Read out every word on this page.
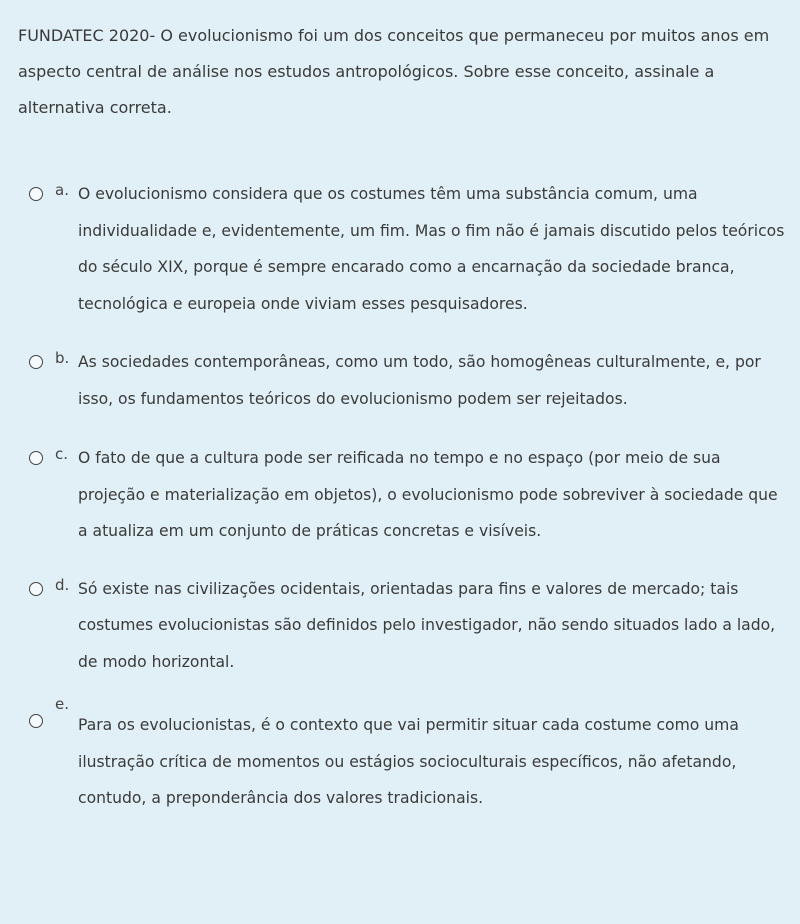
FUNDATEC 2020- O evolucionismo foi um dos conceitos que permaneceu por muitos anos em aspecto central de análise nos estudos antropológicos. Sobre esse conceito, assinale a alternativa correta.
a. O evolucionismo considera que os costumes têm uma substância comum, uma individualidade e, evidentemente, um fim. Mas o fim não é jamais discutido pelos teóricos do século XIX, porque é sempre encarado como a encarnação da sociedade branca, tecnológica e europeia onde viviam esses pesquisadores.
b. As sociedades contemporâneas, como um todo, são homogêneas culturalmente, e, por isso, os fundamentos teóricos do evolucionismo podem ser rejeitados.
c. O fato de que a cultura pode ser reificada no tempo e no espaço (por meio de sua projeção e materialização em objetos), o evolucionismo pode sobreviver à sociedade que a atualiza em um conjunto de práticas concretas e visíveis.
d. Só existe nas civilizações ocidentais, orientadas para fins e valores de mercado; tais costumes evolucionistas são definidos pelo investigador, não sendo situados lado a lado, de modo horizontal.
e.
Para os evolucionistas, é o contexto que vai permitir situar cada costume como uma ilustração crítica de momentos ou estágios socioculturais específicos, não afetando, contudo, a preponderância dos valores tradicionais.
